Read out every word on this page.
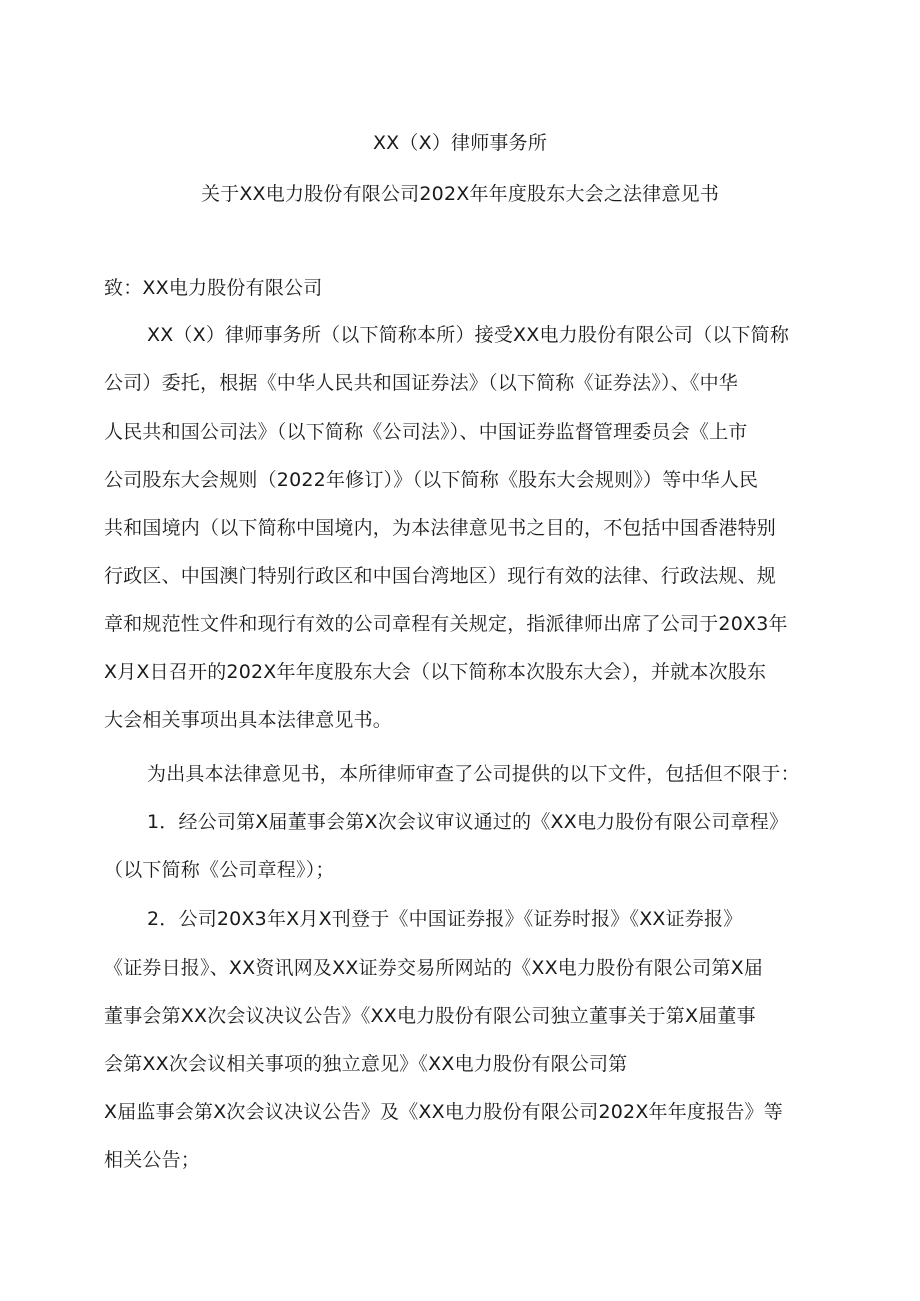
XX（X）律师事务所
关于XX电力股份有限公司202X年年度股东大会之法律意见书
致：XX电力股份有限公司
XX（X）律师事务所（以下简称本所）接受XX电力股份有限公司（以下简称
公司）委托，根据《中华人民共和国证券法》（以下简称《证券法》）、《中华
人民共和国公司法》（以下简称《公司法》）、中国证券监督管理委员会《上市
公司股东大会规则（2022年修订）》（以下简称《股东大会规则》）等中华人民
共和国境内（以下简称中国境内，为本法律意见书之目的，不包括中国香港特别
行政区、中国澳门特别行政区和中国台湾地区）现行有效的法律、行政法规、规
章和规范性文件和现行有效的公司章程有关规定，指派律师出席了公司于20X3年
X月X日召开的202X年年度股东大会（以下简称本次股东大会），并就本次股东
大会相关事项出具本法律意见书。
为出具本法律意见书，本所律师审查了公司提供的以下文件，包括但不限于：
1．经公司第X届董事会第X次会议审议通过的《XX电力股份有限公司章程》
（以下简称《公司章程》）；
2．公司20X3年X月X刊登于《中国证券报》《证券时报》《XX证券报》
《证券日报》、XX资讯网及XX证券交易所网站的《XX电力股份有限公司第X届
董事会第XX次会议决议公告》《XX电力股份有限公司独立董事关于第X届董事
会第XX次会议相关事项的独立意见》《XX电力股份有限公司第
X届监事会第X次会议决议公告》及《XX电力股份有限公司202X年年度报告》等
相关公告；
